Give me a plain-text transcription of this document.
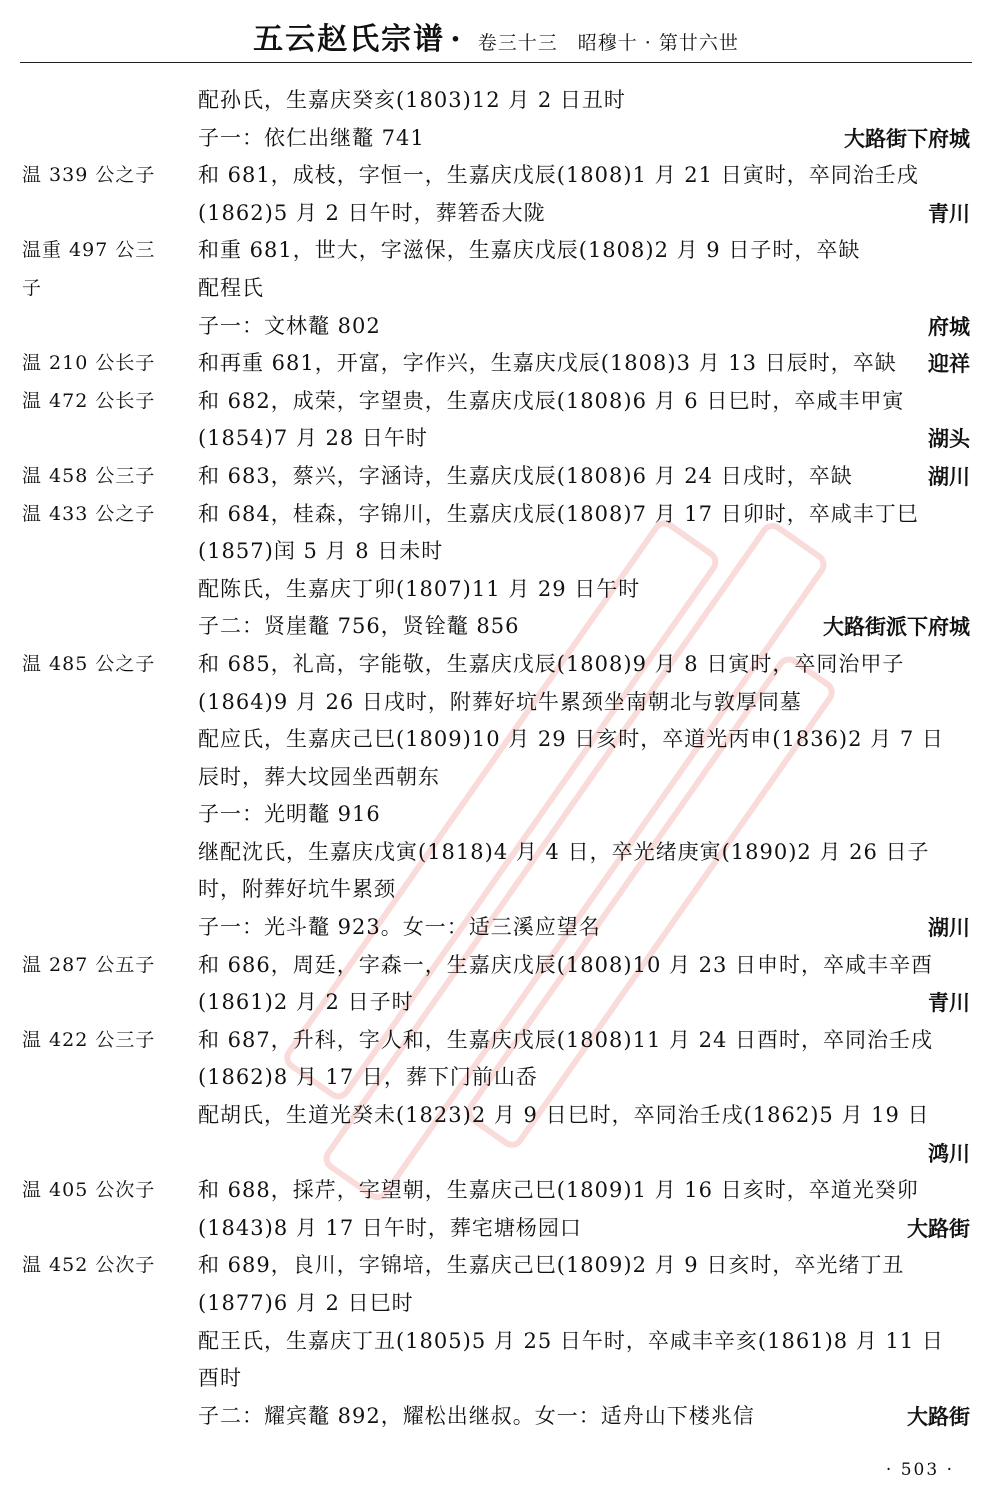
五云赵氏宗谱 · 卷三十三　昭穆十 · 第廿六世
配孙氏，生嘉庆癸亥(1803)12 月 2 日丑时
子一：依仁出继鼇 741	大路街下府城
温 339 公之子	和 681，成枝，字恒一，生嘉庆戊辰(1808)1 月 21 日寅时，卒同治壬戌
(1862)5 月 2 日午时，葬箬岙大陇	青川
温重 497 公三	和重 681，世大，字滋保，生嘉庆戊辰(1808)2 月 9 日子时，卒缺
子	配程氏
子一：文林鼇 802	府城
温 210 公长子	和再重 681，开富，字作兴，生嘉庆戊辰(1808)3 月 13 日辰时，卒缺	迎祥
温 472 公长子	和 682，成荣，字望贵，生嘉庆戊辰(1808)6 月 6 日巳时，卒咸丰甲寅
(1854)7 月 28 日午时	湖头
温 458 公三子	和 683，蔡兴，字涵诗，生嘉庆戊辰(1808)6 月 24 日戌时，卒缺	湖川
温 433 公之子	和 684，桂森，字锦川，生嘉庆戊辰(1808)7 月 17 日卯时，卒咸丰丁巳
(1857)闰 5 月 8 日未时
配陈氏，生嘉庆丁卯(1807)11 月 29 日午时
子二：贤崖鼇 756，贤铨鼇 856	大路街派下府城
温 485 公之子	和 685，礼高，字能敬，生嘉庆戊辰(1808)9 月 8 日寅时，卒同治甲子
(1864)9 月 26 日戌时，附葬好坑牛累颈坐南朝北与敦厚同墓
配应氏，生嘉庆己巳(1809)10 月 29 日亥时，卒道光丙申(1836)2 月 7 日
辰时，葬大坟园坐西朝东
子一：光明鼇 916
继配沈氏，生嘉庆戊寅(1818)4 月 4 日，卒光绪庚寅(1890)2 月 26 日子
时，附葬好坑牛累颈
子一：光斗鼇 923。女一：适三溪应望名	湖川
温 287 公五子	和 686，周廷，字森一，生嘉庆戊辰(1808)10 月 23 日申时，卒咸丰辛酉
(1861)2 月 2 日子时	青川
温 422 公三子	和 687，升科，字人和，生嘉庆戊辰(1808)11 月 24 日酉时，卒同治壬戌
(1862)8 月 17 日，葬下门前山岙
配胡氏，生道光癸未(1823)2 月 9 日巳时，卒同治壬戌(1862)5 月 19 日
鸿川
温 405 公次子	和 688，採芹，字望朝，生嘉庆己巳(1809)1 月 16 日亥时，卒道光癸卯
(1843)8 月 17 日午时，葬宅塘杨园口	大路街
温 452 公次子	和 689，良川，字锦培，生嘉庆己巳(1809)2 月 9 日亥时，卒光绪丁丑
(1877)6 月 2 日巳时
配王氏，生嘉庆丁丑(1805)5 月 25 日午时，卒咸丰辛亥(1861)8 月 11 日
酉时
子二：耀宾鼇 892，耀松出继叔。女一：适舟山下楼兆信	大路街
· 503 ·
